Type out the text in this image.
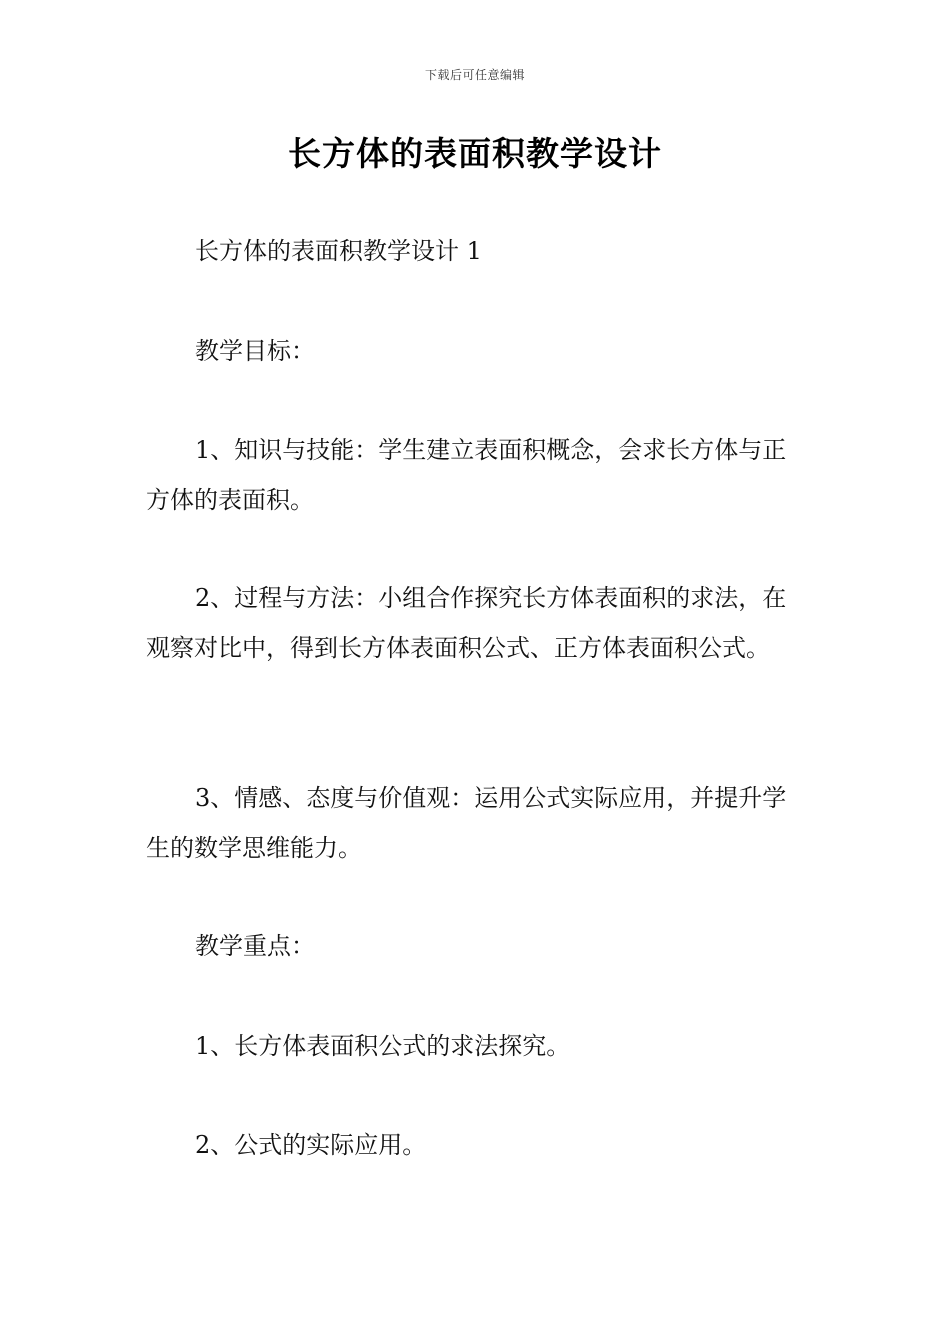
下载后可任意编辑
长方体的表面积教学设计

长方体的表面积教学设计 1

教学目标：

1、知识与技能：学生建立表面积概念，会求长方体与正方体的表面积。

2、过程与方法：小组合作探究长方体表面积的求法，在观察对比中，得到长方体表面积公式、正方体表面积公式。

3、情感、态度与价值观：运用公式实际应用，并提升学生的数学思维能力。

教学重点：

1、长方体表面积公式的求法探究。

2、公式的实际应用。
